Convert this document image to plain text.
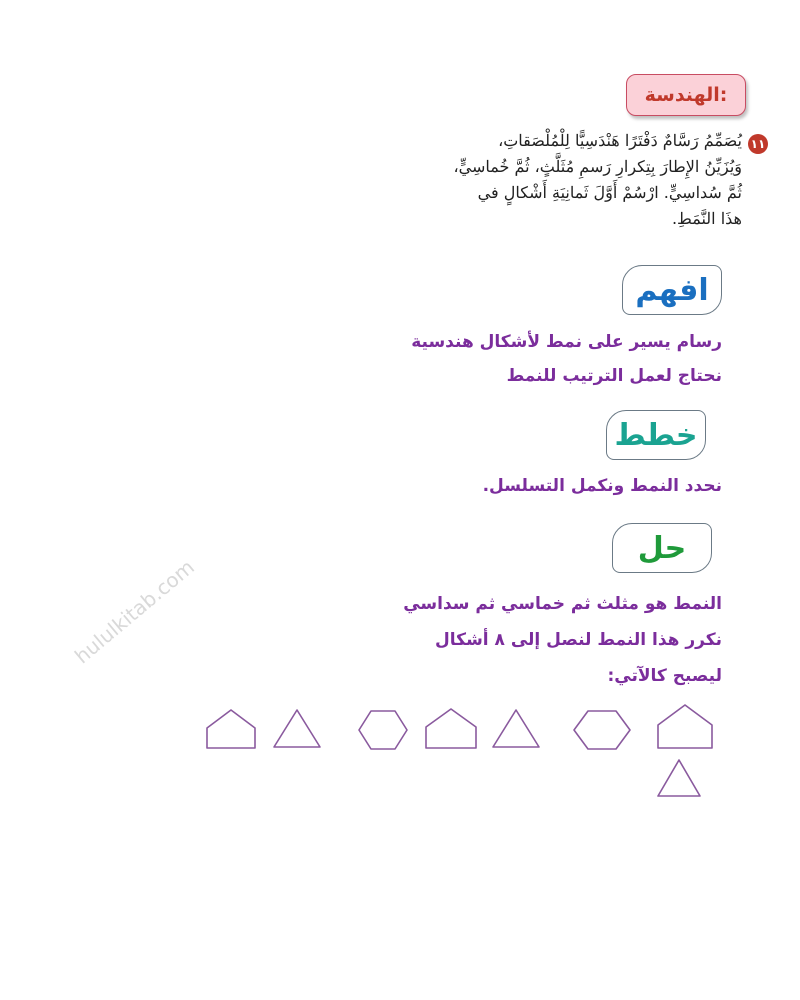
الهندسة:
١١
يُصَمِّمُ رَسَّامٌ دَفْتَرًا هَنْدَسِيًّا لِلْمُلْصَقاتِ،
وَيُزَيِّنُ الإِطارَ بِتِكرارِ رَسمِ مُثَلَّثٍ، ثُمَّ خُماسِيٍّ،
ثُمَّ سُداسِيٍّ. ارْسُمْ أَوَّلَ ثَمانِيَةِ أَشْكالٍ في
هذَا النَّمَطِ.
افهم
رسام يسير على نمط لأشكال هندسية
نحتاج لعمل الترتيب للنمط
خطط
نحدد النمط ونكمل التسلسل.
حل
النمط هو مثلث ثم خماسي ثم سداسي
نكرر هذا النمط لنصل إلى ٨ أشكال
ليصبح كالآتي:
hululkitab.com
